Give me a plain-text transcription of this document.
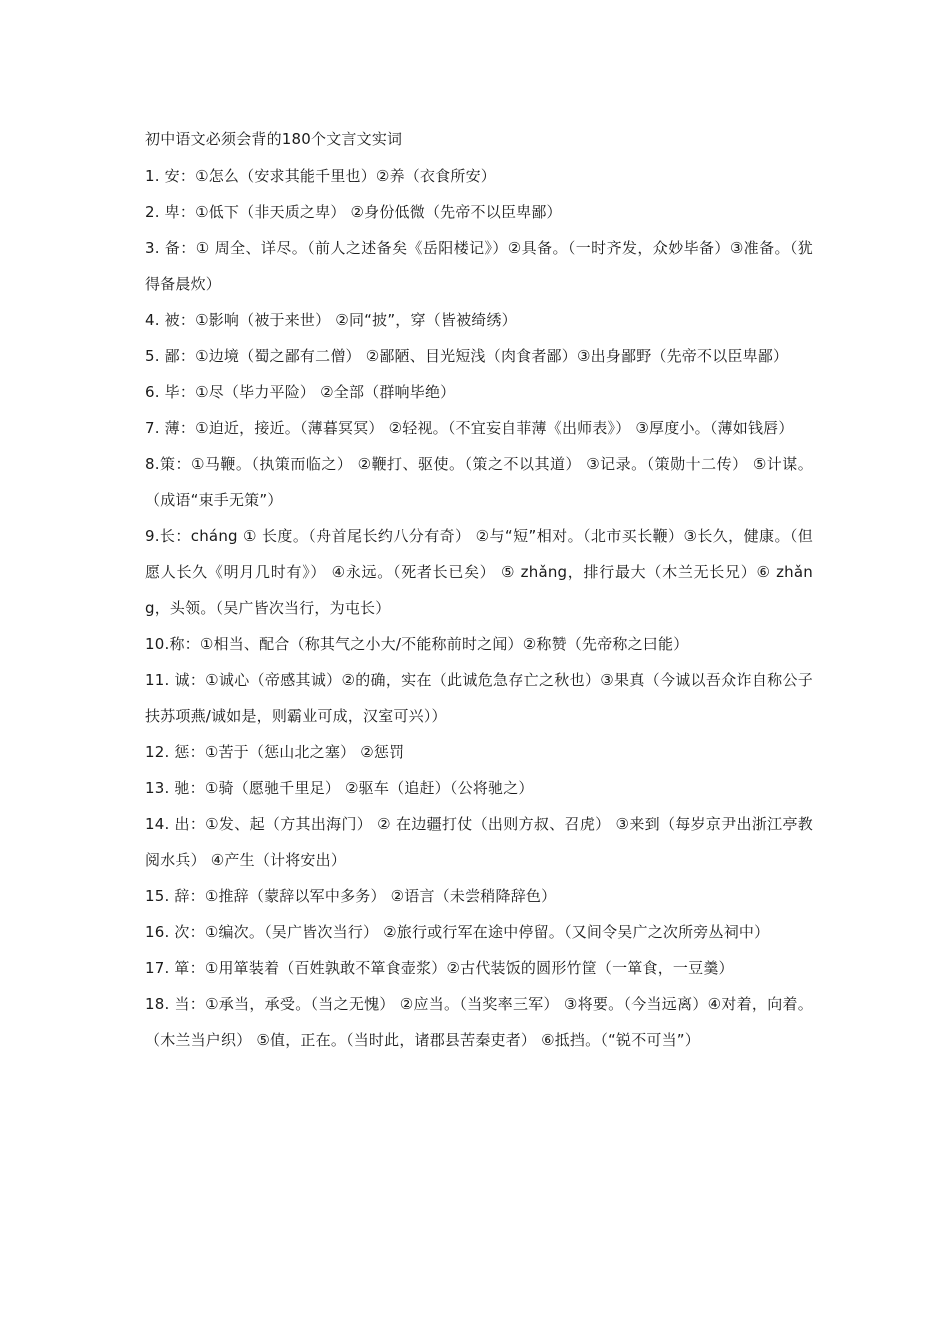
初中语文必须会背的180个文言文实词

1. 安：①怎么（安求其能千里也）②养（衣食所安）

2. 卑：①低下（非天质之卑） ②身份低微（先帝不以臣卑鄙）

3. 备：① 周全、详尽。（前人之述备矣《岳阳楼记》）②具备。（一时齐发，众妙毕备）③准备。（犹得备晨炊）

4. 被：①影响（被于来世） ②同“披”，穿（皆被绮绣）

5. 鄙：①边境（蜀之鄙有二僧） ②鄙陋、目光短浅（肉食者鄙）③出身鄙野（先帝不以臣卑鄙）

6. 毕：①尽（毕力平险） ②全部（群响毕绝）

7. 薄：①迫近，接近。（薄暮冥冥） ②轻视。（不宜妄自菲薄《出师表》） ③厚度小。（薄如钱唇）

8.策：①马鞭。（执策而临之） ②鞭打、驱使。（策之不以其道） ③记录。（策勋十二传） ⑤计谋。（成语“束手无策”）

9.长：cháng ① 长度。（舟首尾长约八分有奇） ②与“短”相对。（北市买长鞭）③长久，健康。（但愿人长久《明月几时有》） ④永远。（死者长已矣） ⑤ zhǎng，排行最大（木兰无长兄）⑥ zhǎng，头领。（吴广皆次当行，为屯长）

10.称：①相当、配合（称其气之小大/不能称前时之闻）②称赞（先帝称之曰能）

11. 诚：①诚心（帝感其诚）②的确，实在（此诚危急存亡之秋也）③果真（今诚以吾众诈自称公子扶苏项燕/诚如是，则霸业可成，汉室可兴））

12. 惩：①苦于（惩山北之塞） ②惩罚

13. 驰：①骑（愿驰千里足） ②驱车（追赶）（公将驰之）

14. 出：①发、起（方其出海门） ② 在边疆打仗（出则方叔、召虎） ③来到（每岁京尹出浙江亭教阅水兵） ④产生（计将安出）

15. 辞：①推辞（蒙辞以军中多务） ②语言（未尝稍降辞色）

16. 次：①编次。（吴广皆次当行） ②旅行或行军在途中停留。（又间令吴广之次所旁丛祠中）

17. 箪：①用箪装着（百姓孰敢不箪食壶浆）②古代装饭的圆形竹筐（一箪食，一豆羹）

18. 当：①承当，承受。（当之无愧） ②应当。（当奖率三军） ③将要。（今当远离）④对着，向着。（木兰当户织） ⑤值，正在。（当时此，诸郡县苦秦吏者） ⑥抵挡。（“锐不可当”）
